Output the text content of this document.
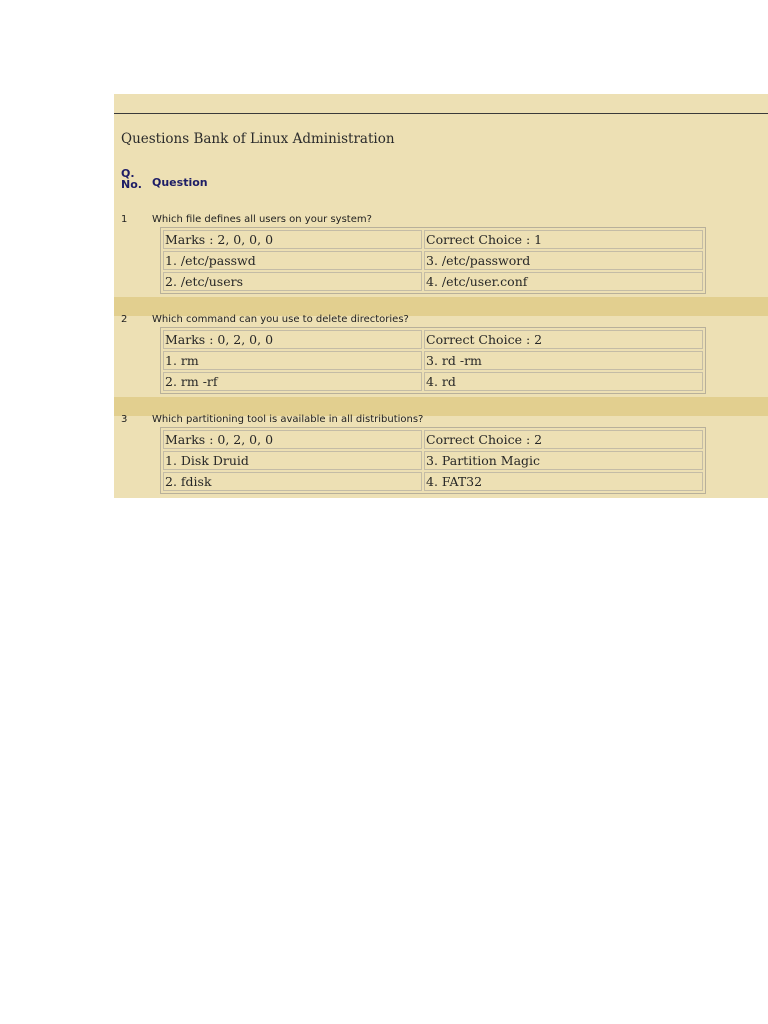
Questions Bank of Linux Administration
Q.
No. Question
1 Which file defines all users on your system?
Marks : 2, 0, 0, 0	Correct Choice : 1
1. /etc/passwd	3. /etc/password
2. /etc/users	4. /etc/user.conf
2 Which command can you use to delete directories?
Marks : 0, 2, 0, 0	Correct Choice : 2
1. rm	3. rd -rm
2. rm -rf	4. rd
3 Which partitioning tool is available in all distributions?
Marks : 0, 2, 0, 0	Correct Choice : 2
1. Disk Druid	3. Partition Magic
2. fdisk	4. FAT32
